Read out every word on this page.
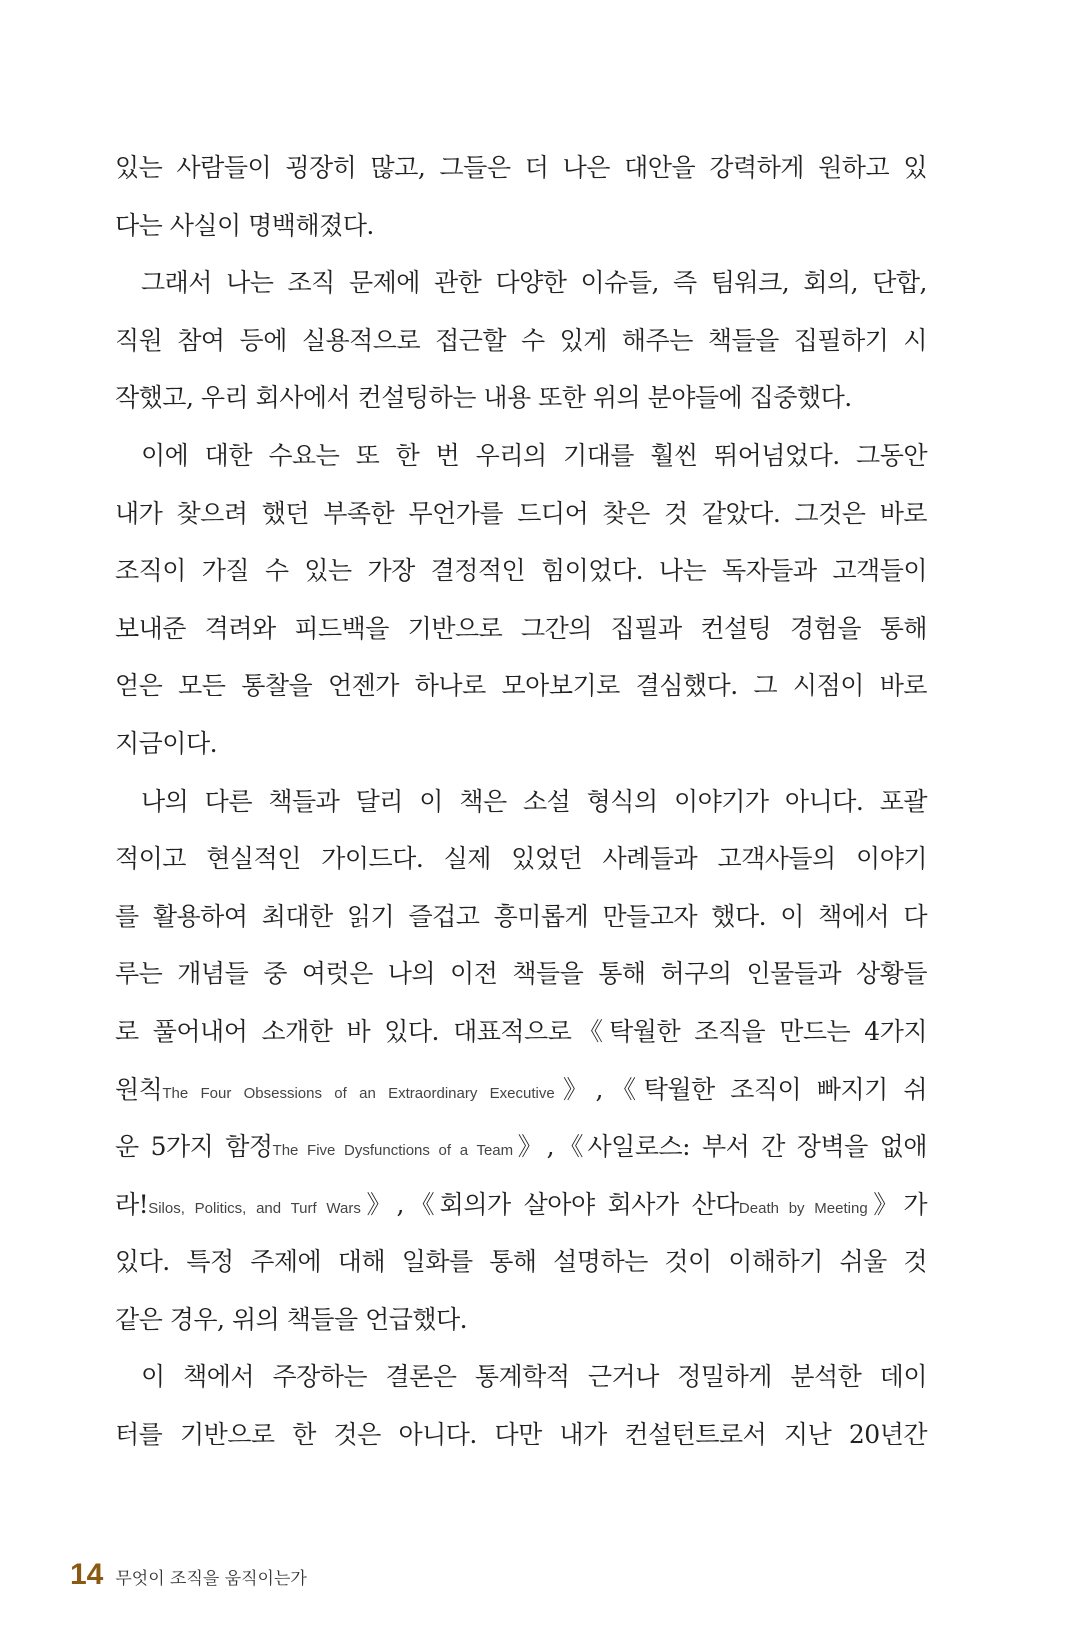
있는 사람들이 굉장히 많고, 그들은 더 나은 대안을 강력하게 원하고 있
다는 사실이 명백해졌다.
그래서 나는 조직 문제에 관한 다양한 이슈들, 즉 팀워크, 회의, 단합,
직원 참여 등에 실용적으로 접근할 수 있게 해주는 책들을 집필하기 시
작했고, 우리 회사에서 컨설팅하는 내용 또한 위의 분야들에 집중했다.
이에 대한 수요는 또 한 번 우리의 기대를 훨씬 뛰어넘었다. 그동안
내가 찾으려 했던 부족한 무언가를 드디어 찾은 것 같았다. 그것은 바로
조직이 가질 수 있는 가장 결정적인 힘이었다. 나는 독자들과 고객들이
보내준 격려와 피드백을 기반으로 그간의 집필과 컨설팅 경험을 통해
얻은 모든 통찰을 언젠가 하나로 모아보기로 결심했다. 그 시점이 바로
지금이다.
나의 다른 책들과 달리 이 책은 소설 형식의 이야기가 아니다. 포괄
적이고 현실적인 가이드다. 실제 있었던 사례들과 고객사들의 이야기
를 활용하여 최대한 읽기 즐겁고 흥미롭게 만들고자 했다. 이 책에서 다
루는 개념들 중 여럿은 나의 이전 책들을 통해 허구의 인물들과 상황들
로 풀어내어 소개한 바 있다. 대표적으로《탁월한 조직을 만드는 4가지
원칙The Four Obsessions of an Extraordinary Executive》,《탁월한 조직이 빠지기 쉬
운 5가지 함정The Five Dysfunctions of a Team》,《사일로스: 부서 간 장벽을 없애
라!Silos, Politics, and Turf Wars》,《회의가 살아야 회사가 산다Death by Meeting》가
있다. 특정 주제에 대해 일화를 통해 설명하는 것이 이해하기 쉬울 것
같은 경우, 위의 책들을 언급했다.
이 책에서 주장하는 결론은 통계학적 근거나 정밀하게 분석한 데이
터를 기반으로 한 것은 아니다. 다만 내가 컨설턴트로서 지난 20년간
14 무엇이 조직을 움직이는가
